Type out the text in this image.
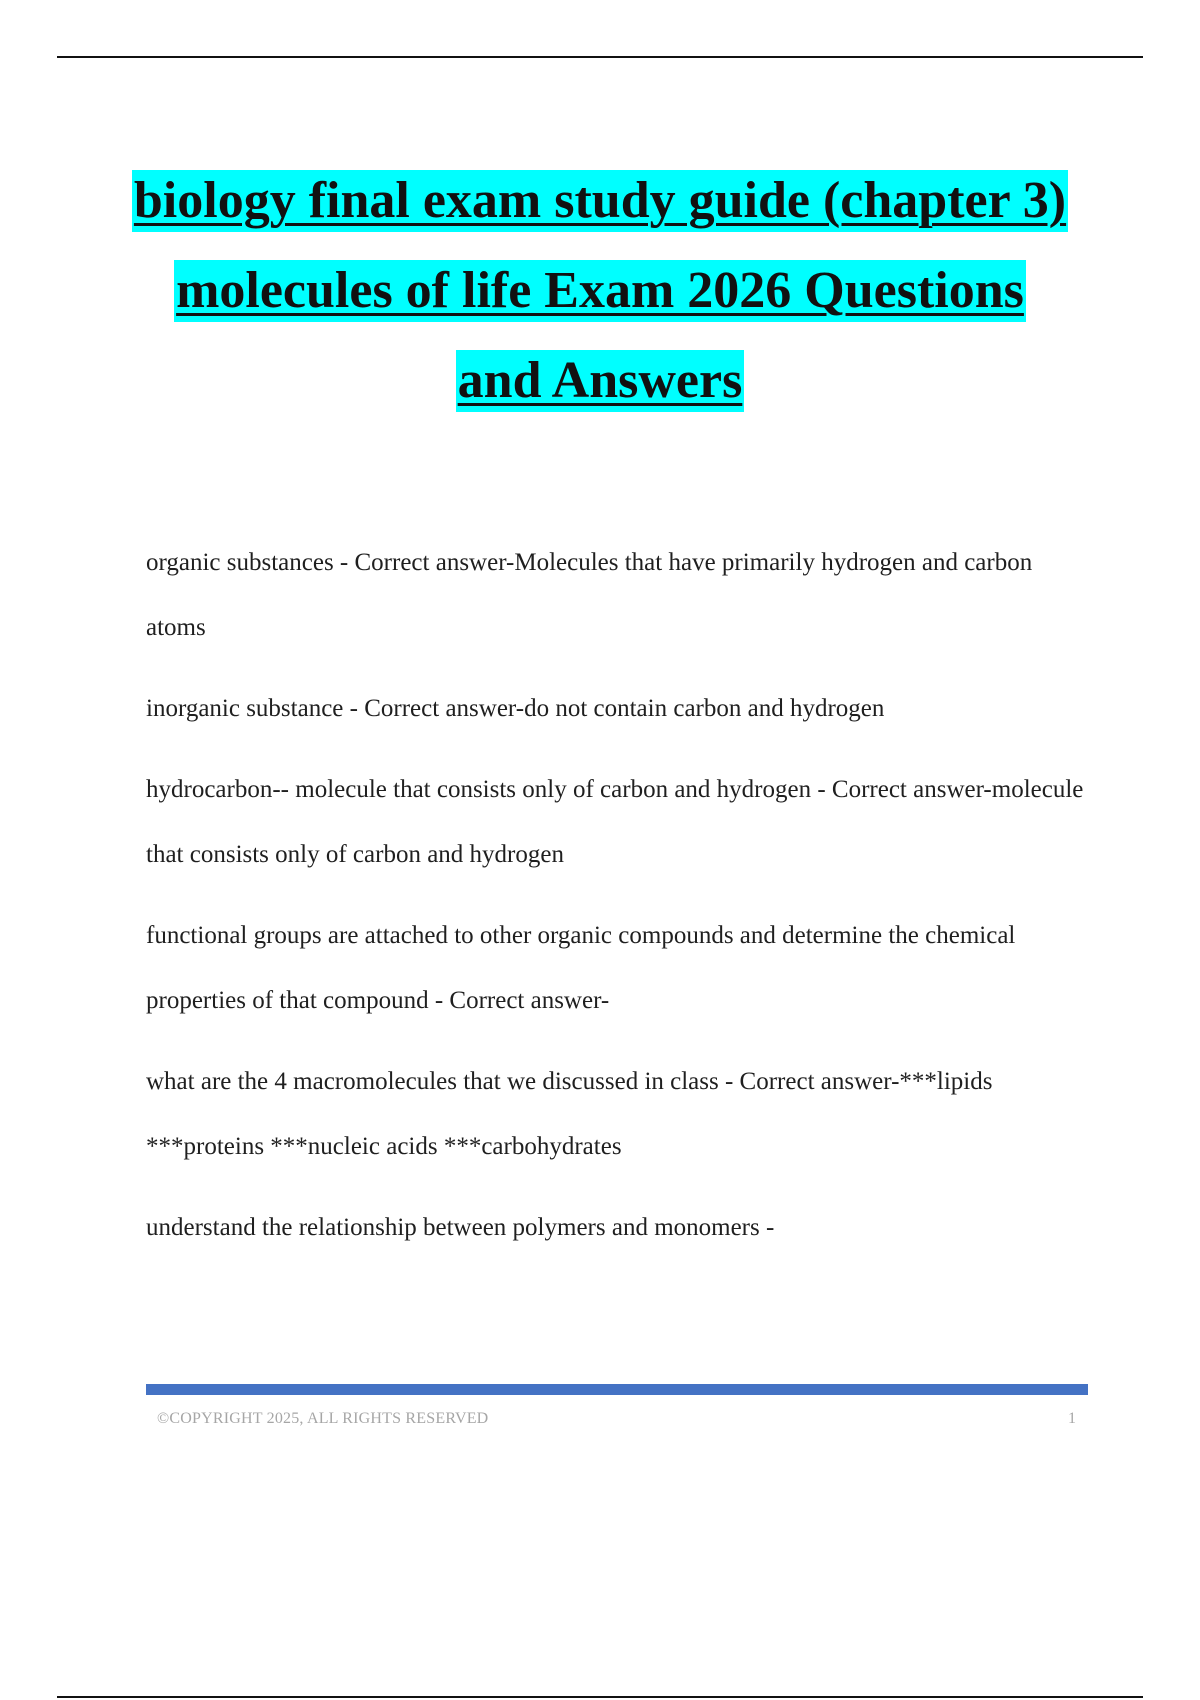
biology final exam study guide (chapter 3)
molecules of life Exam 2026 Questions
and Answers

organic substances - Correct answer-Molecules that have primarily hydrogen and carbon atoms

inorganic substance - Correct answer-do not contain carbon and hydrogen

hydrocarbon-- molecule that consists only of carbon and hydrogen - Correct answer-molecule that consists only of carbon and hydrogen

functional groups are attached to other organic compounds and determine the chemical properties of that compound - Correct answer-

what are the 4 macromolecules that we discussed in class - Correct answer-***lipids ***proteins ***nucleic acids ***carbohydrates

understand the relationship between polymers and monomers -

©COPYRIGHT 2025, ALL RIGHTS RESERVED	1
